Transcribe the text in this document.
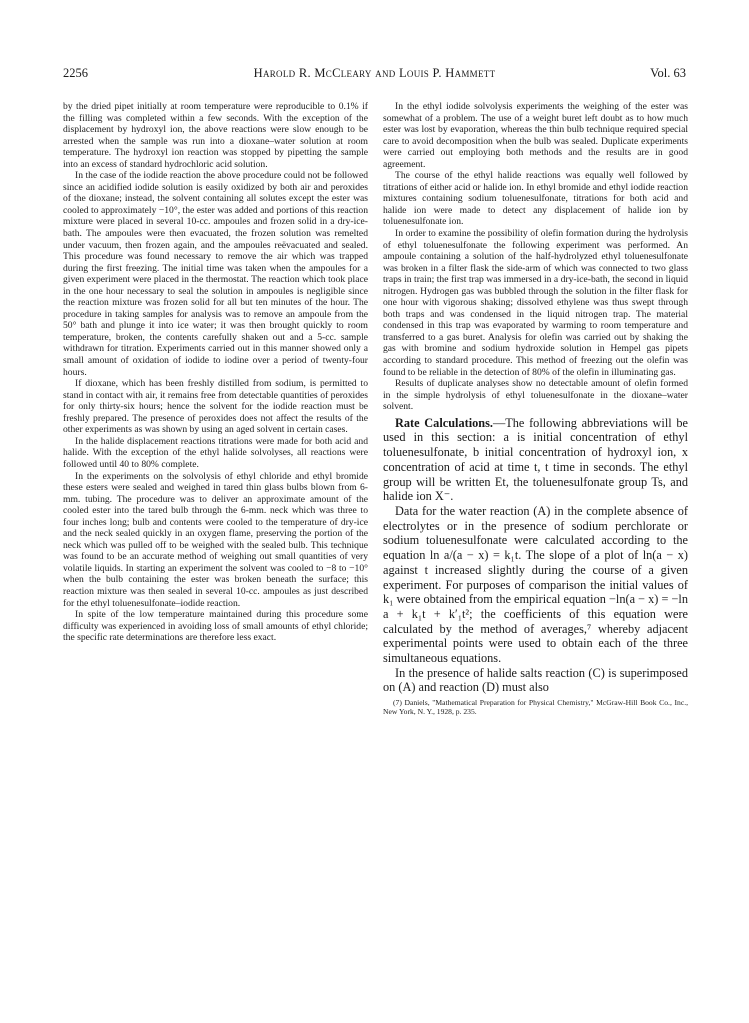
2256	Harold R. McCleary and Louis P. Hammett	Vol. 63

by the dried pipet initially at room temperature were reproducible to 0.1% if the filling was completed within a few seconds. With the exception of the displacement by hydroxyl ion, the above reactions were slow enough to be arrested when the sample was run into a dioxane–water solution at room temperature. The hydroxyl ion reaction was stopped by pipetting the sample into an excess of standard hydrochloric acid solution.

In the case of the iodide reaction the above procedure could not be followed since an acidified iodide solution is easily oxidized by both air and peroxides of the dioxane; instead, the solvent containing all solutes except the ester was cooled to approximately −10°, the ester was added and portions of this reaction mixture were placed in several 10-cc. ampoules and frozen solid in a dry-ice-bath. The ampoules were then evacuated, the frozen solution was remelted under vacuum, then frozen again, and the ampoules reëvacuated and sealed. This procedure was found necessary to remove the air which was trapped during the first freezing. The initial time was taken when the ampoules for a given experiment were placed in the thermostat. The reaction which took place in the one hour necessary to seal the solution in ampoules is negligible since the reaction mixture was frozen solid for all but ten minutes of the hour. The procedure in taking samples for analysis was to remove an ampoule from the 50° bath and plunge it into ice water; it was then brought quickly to room temperature, broken, the contents carefully shaken out and a 5-cc. sample withdrawn for titration. Experiments carried out in this manner showed only a small amount of oxidation of iodide to iodine over a period of twenty-four hours.

If dioxane, which has been freshly distilled from sodium, is permitted to stand in contact with air, it remains free from detectable quantities of peroxides for only thirty-six hours; hence the solvent for the iodide reaction must be freshly prepared. The presence of peroxides does not affect the results of the other experiments as was shown by using an aged solvent in certain cases.

In the halide displacement reactions titrations were made for both acid and halide. With the exception of the ethyl halide solvolyses, all reactions were followed until 40 to 80% complete.

In the experiments on the solvolysis of ethyl chloride and ethyl bromide these esters were sealed and weighed in tared thin glass bulbs blown from 6-mm. tubing. The procedure was to deliver an approximate amount of the cooled ester into the tared bulb through the 6-mm. neck which was three to four inches long; bulb and contents were cooled to the temperature of dry-ice and the neck sealed quickly in an oxygen flame, preserving the portion of the neck which was pulled off to be weighed with the sealed bulb. This technique was found to be an accurate method of weighing out small quantities of very volatile liquids. In starting an experiment the solvent was cooled to −8 to −10° when the bulb containing the ester was broken beneath the surface; this reaction mixture was then sealed in several 10-cc. ampoules as just described for the ethyl toluenesulfonate–iodide reaction.

In spite of the low temperature maintained during this procedure some difficulty was experienced in avoiding loss of small amounts of ethyl chloride; the specific rate determinations are therefore less exact.

In the ethyl iodide solvolysis experiments the weighing of the ester was somewhat of a problem. The use of a weight buret left doubt as to how much ester was lost by evaporation, whereas the thin bulb technique required special care to avoid decomposition when the bulb was sealed. Duplicate experiments were carried out employing both methods and the results are in good agreement.

The course of the ethyl halide reactions was equally well followed by titrations of either acid or halide ion. In ethyl bromide and ethyl iodide reaction mixtures containing sodium toluenesulfonate, titrations for both acid and halide ion were made to detect any displacement of halide ion by toluenesulfonate ion.

In order to examine the possibility of olefin formation during the hydrolysis of ethyl toluenesulfonate the following experiment was performed. An ampoule containing a solution of the half-hydrolyzed ethyl toluenesulfonate was broken in a filter flask the side-arm of which was connected to two glass traps in train; the first trap was immersed in a dry-ice-bath, the second in liquid nitrogen. Hydrogen gas was bubbled through the solution in the filter flask for one hour with vigorous shaking; dissolved ethylene was thus swept through both traps and was condensed in the liquid nitrogen trap. The material condensed in this trap was evaporated by warming to room temperature and transferred to a gas buret. Analysis for olefin was carried out by shaking the gas with bromine and sodium hydroxide solution in Hempel gas pipets according to standard procedure. This method of freezing out the olefin was found to be reliable in the detection of 80% of the olefin in illuminating gas.

Results of duplicate analyses show no detectable amount of olefin formed in the simple hydrolysis of ethyl toluenesulfonate in the dioxane–water solvent.

Rate Calculations.—The following abbreviations will be used in this section: a is initial concentration of ethyl toluenesulfonate, b initial concentration of hydroxyl ion, x concentration of acid at time t, t time in seconds. The ethyl group will be written Et, the toluenesulfonate group Ts, and halide ion X⁻.

Data for the water reaction (A) in the complete absence of electrolytes or in the presence of sodium perchlorate or sodium toluenesulfonate were calculated according to the equation ln a/(a − x) = k₁t. The slope of a plot of ln(a − x) against t increased slightly during the course of a given experiment. For purposes of comparison the initial values of k₁ were obtained from the empirical equation −ln(a − x) = −ln a + k₁t + k′₁t²; the coefficients of this equation were calculated by the method of averages,⁷ whereby adjacent experimental points were used to obtain each of the three simultaneous equations.

In the presence of halide salts reaction (C) is superimposed on (A) and reaction (D) must also

(7) Daniels, "Mathematical Preparation for Physical Chemistry," McGraw-Hill Book Co., Inc., New York, N. Y., 1928, p. 235.
